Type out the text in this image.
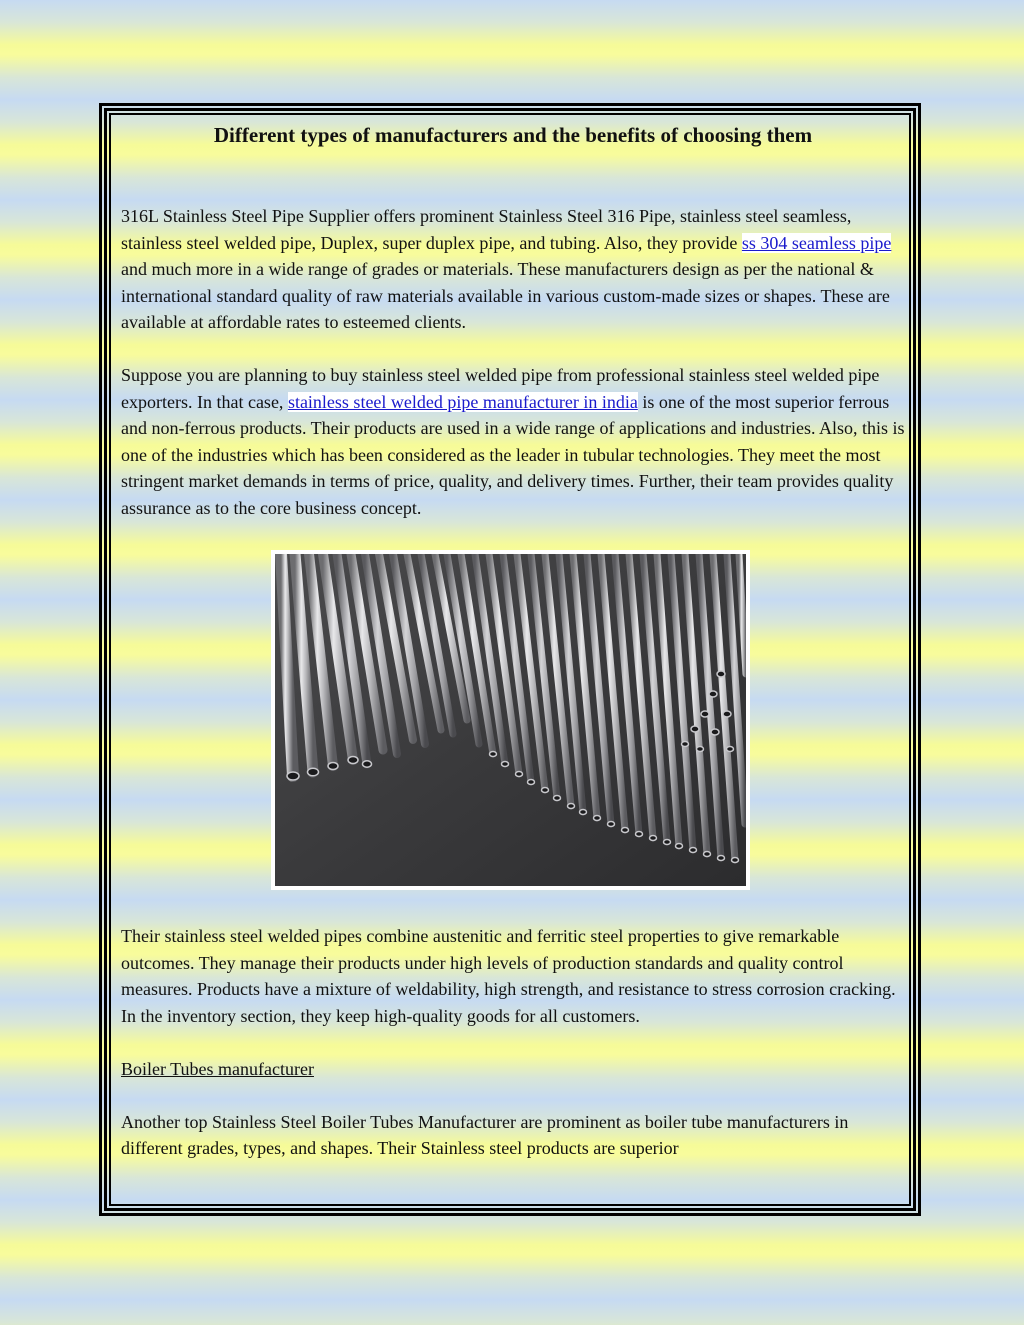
Different types of manufacturers and the benefits of choosing them

316L Stainless Steel Pipe Supplier offers prominent Stainless Steel 316 Pipe, stainless steel seamless, stainless steel welded pipe, Duplex, super duplex pipe, and tubing. Also, they provide ss 304 seamless pipe and much more in a wide range of grades or materials. These manufacturers design as per the national & international standard quality of raw materials available in various custom-made sizes or shapes. These are available at affordable rates to esteemed clients.

Suppose you are planning to buy stainless steel welded pipe from professional stainless steel welded pipe exporters. In that case, stainless steel welded pipe manufacturer in india is one of the most superior ferrous and non-ferrous products. Their products are used in a wide range of applications and industries. Also, this is one of the industries which has been considered as the leader in tubular technologies. They meet the most stringent market demands in terms of price, quality, and delivery times. Further, their team provides quality assurance as to the core business concept.

Their stainless steel welded pipes combine austenitic and ferritic steel properties to give remarkable outcomes. They manage their products under high levels of production standards and quality control measures. Products have a mixture of weldability, high strength, and resistance to stress corrosion cracking. In the inventory section, they keep high-quality goods for all customers.

Boiler Tubes manufacturer

Another top Stainless Steel Boiler Tubes Manufacturer are prominent as boiler tube manufacturers in different grades, types, and shapes. Their Stainless steel products are superior
